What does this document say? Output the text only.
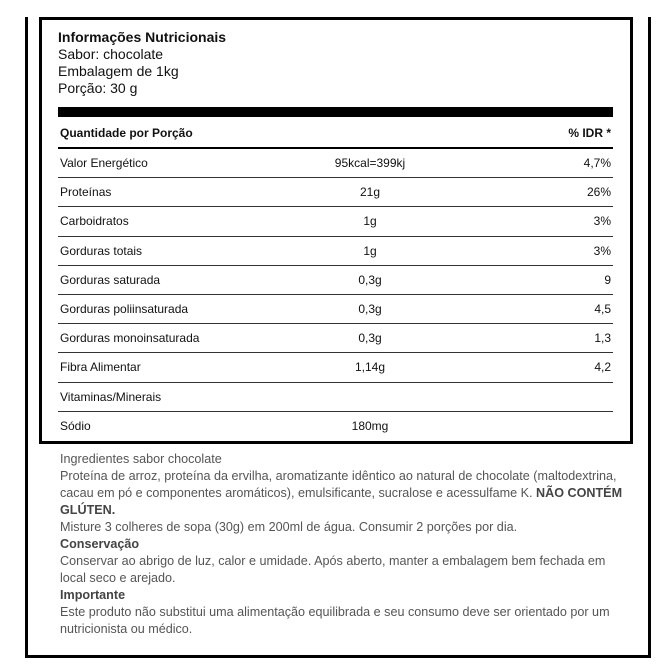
Informações Nutricionais
Sabor: chocolate
Embalagem de 1kg
Porção: 30 g
Quantidade por Porção	% IDR *
Valor Energético	95kcal=399kj	4,7%
Proteínas	21g	26%
Carboidratos	1g	3%
Gorduras totais	1g	3%
Gorduras saturada	0,3g	9
Gorduras poliinsaturada	0,3g	4,5
Gorduras monoinsaturada	0,3g	1,3
Fibra Alimentar	1,14g	4,2
Vitaminas/Minerais
Sódio	180mg
Ingredientes sabor chocolate
Proteína de arroz, proteína da ervilha, aromatizante idêntico ao natural de chocolate (maltodextrina, cacau em pó e componentes aromáticos), emulsificante, sucralose e acessulfame K. NÃO CONTÉM GLÚTEN.
Misture 3 colheres de sopa (30g) em 200ml de água. Consumir 2 porções por dia.
Conservação
Conservar ao abrigo de luz, calor e umidade. Após aberto, manter a embalagem bem fechada em local seco e arejado.
Importante
Este produto não substitui uma alimentação equilibrada e seu consumo deve ser orientado por um nutricionista ou médico.
